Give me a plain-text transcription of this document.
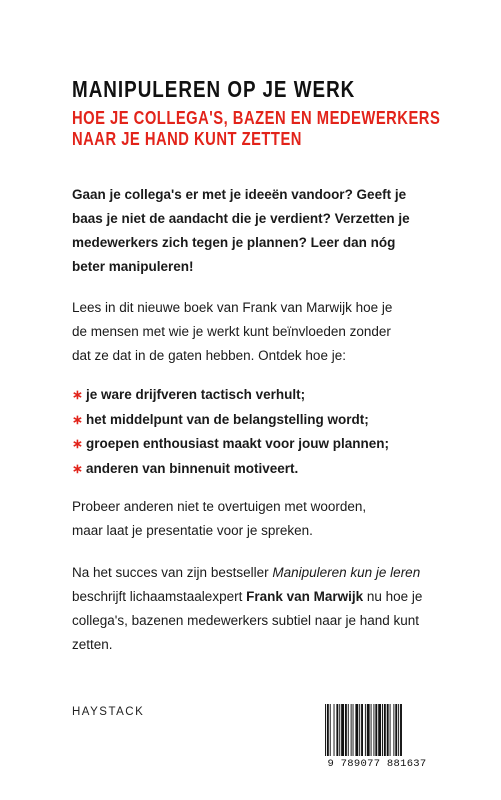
MANIPULEREN OP JE WERK
HOE JE COLLEGA'S, BAZEN EN MEDEWERKERS
NAAR JE HAND KUNT ZETTEN
Gaan je collega's er met je ideeën vandoor? Geeft je
baas je niet de aandacht die je verdient? Verzetten je
medewerkers zich tegen je plannen? Leer dan nóg
beter manipuleren!
Lees in dit nieuwe boek van Frank van Marwijk hoe je
de mensen met wie je werkt kunt beïnvloeden zonder
dat ze dat in de gaten hebben. Ontdek hoe je:
∗ je ware drijfveren tactisch verhult;
∗ het middelpunt van de belangstelling wordt;
∗ groepen enthousiast maakt voor jouw plannen;
∗ anderen van binnenuit motiveert.
Probeer anderen niet te overtuigen met woorden,
maar laat je presentatie voor je spreken.
Na het succes van zijn bestseller Manipuleren kun je leren beschrijft lichaamstaalexpert Frank van Marwijk nu hoe je collega's, bazenen medewerkers subtiel naar je hand kunt zetten.
HAYSTACK
9 789077 881637
